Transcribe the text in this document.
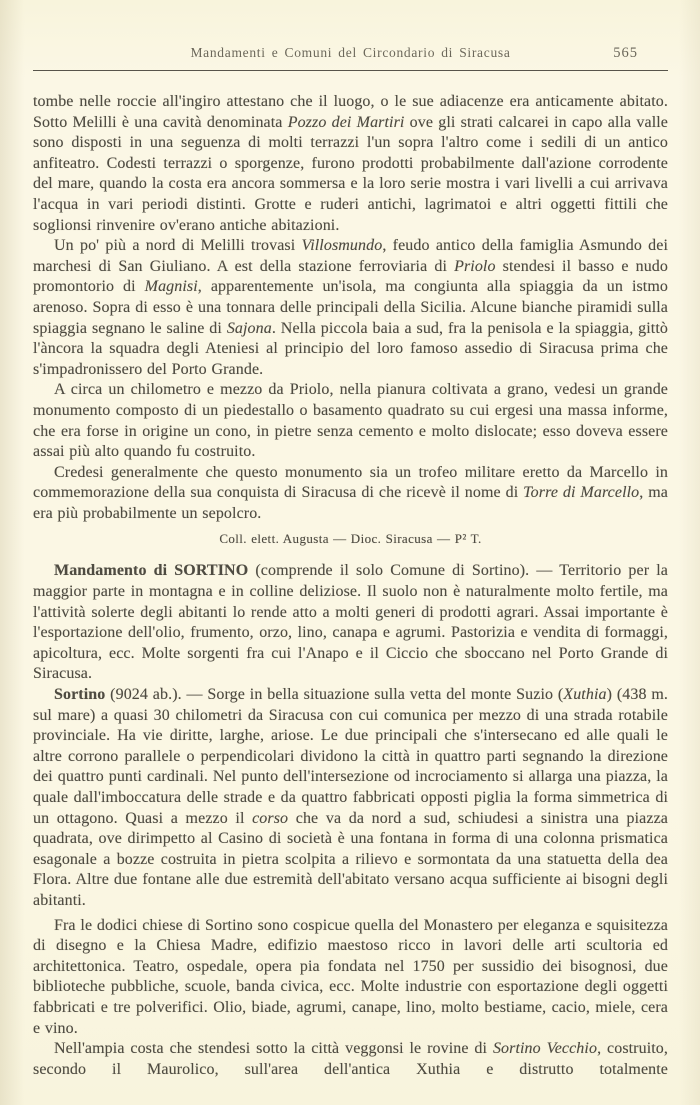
Mandamenti e Comuni del Circondario di Siracusa	565

tombe nelle roccie all'ingiro attestano che il luogo, o le sue adiacenze era anticamente abitato. Sotto Melilli è una cavità denominata Pozzo dei Martiri ove gli strati calcarei in capo alla valle sono disposti in una seguenza di molti terrazzi l'un sopra l'altro come i sedili di un antico anfiteatro. Codesti terrazzi o sporgenze, furono prodotti probabilmente dall'azione corrodente del mare, quando la costa era ancora sommersa e la loro serie mostra i vari livelli a cui arrivava l'acqua in vari periodi distinti. Grotte e ruderi antichi, lagrimatoi e altri oggetti fittili che soglionsi rinvenire ov'erano antiche abitazioni.

Un po' più a nord di Melilli trovasi Villosmundo, feudo antico della famiglia Asmundo dei marchesi di San Giuliano. A est della stazione ferroviaria di Priolo stendesi il basso e nudo promontorio di Magnisi, apparentemente un'isola, ma congiunta alla spiaggia da un istmo arenoso. Sopra di esso è una tonnara delle principali della Sicilia. Alcune bianche piramidi sulla spiaggia segnano le saline di Sajona. Nella piccola baia a sud, fra la penisola e la spiaggia, gittò l'àncora la squadra degli Ateniesi al principio del loro famoso assedio di Siracusa prima che s'impadronissero del Porto Grande.

A circa un chilometro e mezzo da Priolo, nella pianura coltivata a grano, vedesi un grande monumento composto di un piedestallo o basamento quadrato su cui ergesi una massa informe, che era forse in origine un cono, in pietre senza cemento e molto dislocate; esso doveva essere assai più alto quando fu costruito.

Credesi generalmente che questo monumento sia un trofeo militare eretto da Marcello in commemorazione della sua conquista di Siracusa di che ricevè il nome di Torre di Marcello, ma era più probabilmente un sepolcro.

Coll. elett. Augusta — Dioc. Siracusa — P² T.

Mandamento di SORTINO (comprende il solo Comune di Sortino). — Territorio per la maggior parte in montagna e in colline deliziose. Il suolo non è naturalmente molto fertile, ma l'attività solerte degli abitanti lo rende atto a molti generi di prodotti agrari. Assai importante è l'esportazione dell'olio, frumento, orzo, lino, canapa e agrumi. Pastorizia e vendita di formaggi, apicoltura, ecc. Molte sorgenti fra cui l'Anapo e il Ciccio che sboccano nel Porto Grande di Siracusa.

Sortino (9024 ab.). — Sorge in bella situazione sulla vetta del monte Suzio (Xuthia) (438 m. sul mare) a quasi 30 chilometri da Siracusa con cui comunica per mezzo di una strada rotabile provinciale. Ha vie diritte, larghe, ariose. Le due principali che s'intersecano ed alle quali le altre corrono parallele o perpendicolari dividono la città in quattro parti segnando la direzione dei quattro punti cardinali. Nel punto dell'intersezione od incrociamento si allarga una piazza, la quale dall'imboccatura delle strade e da quattro fabbricati opposti piglia la forma simmetrica di un ottagono. Quasi a mezzo il corso che va da nord a sud, schiudesi a sinistra una piazza quadrata, ove dirimpetto al Casino di società è una fontana in forma di una colonna prismatica esagonale a bozze costruita in pietra scolpita a rilievo e sormontata da una statuetta della dea Flora. Altre due fontane alle due estremità dell'abitato versano acqua sufficiente ai bisogni degli abitanti.

Fra le dodici chiese di Sortino sono cospicue quella del Monastero per eleganza e squisitezza di disegno e la Chiesa Madre, edifizio maestoso ricco in lavori delle arti scultoria ed architettonica. Teatro, ospedale, opera pia fondata nel 1750 per sussidio dei bisognosi, due biblioteche pubbliche, scuole, banda civica, ecc. Molte industrie con esportazione degli oggetti fabbricati e tre polverifici. Olio, biade, agrumi, canape, lino, molto bestiame, cacio, miele, cera e vino.

Nell'ampia costa che stendesi sotto la città veggonsi le rovine di Sortino Vecchio, costruito, secondo il Maurolico, sull'area dell'antica Xuthia e distrutto totalmente
